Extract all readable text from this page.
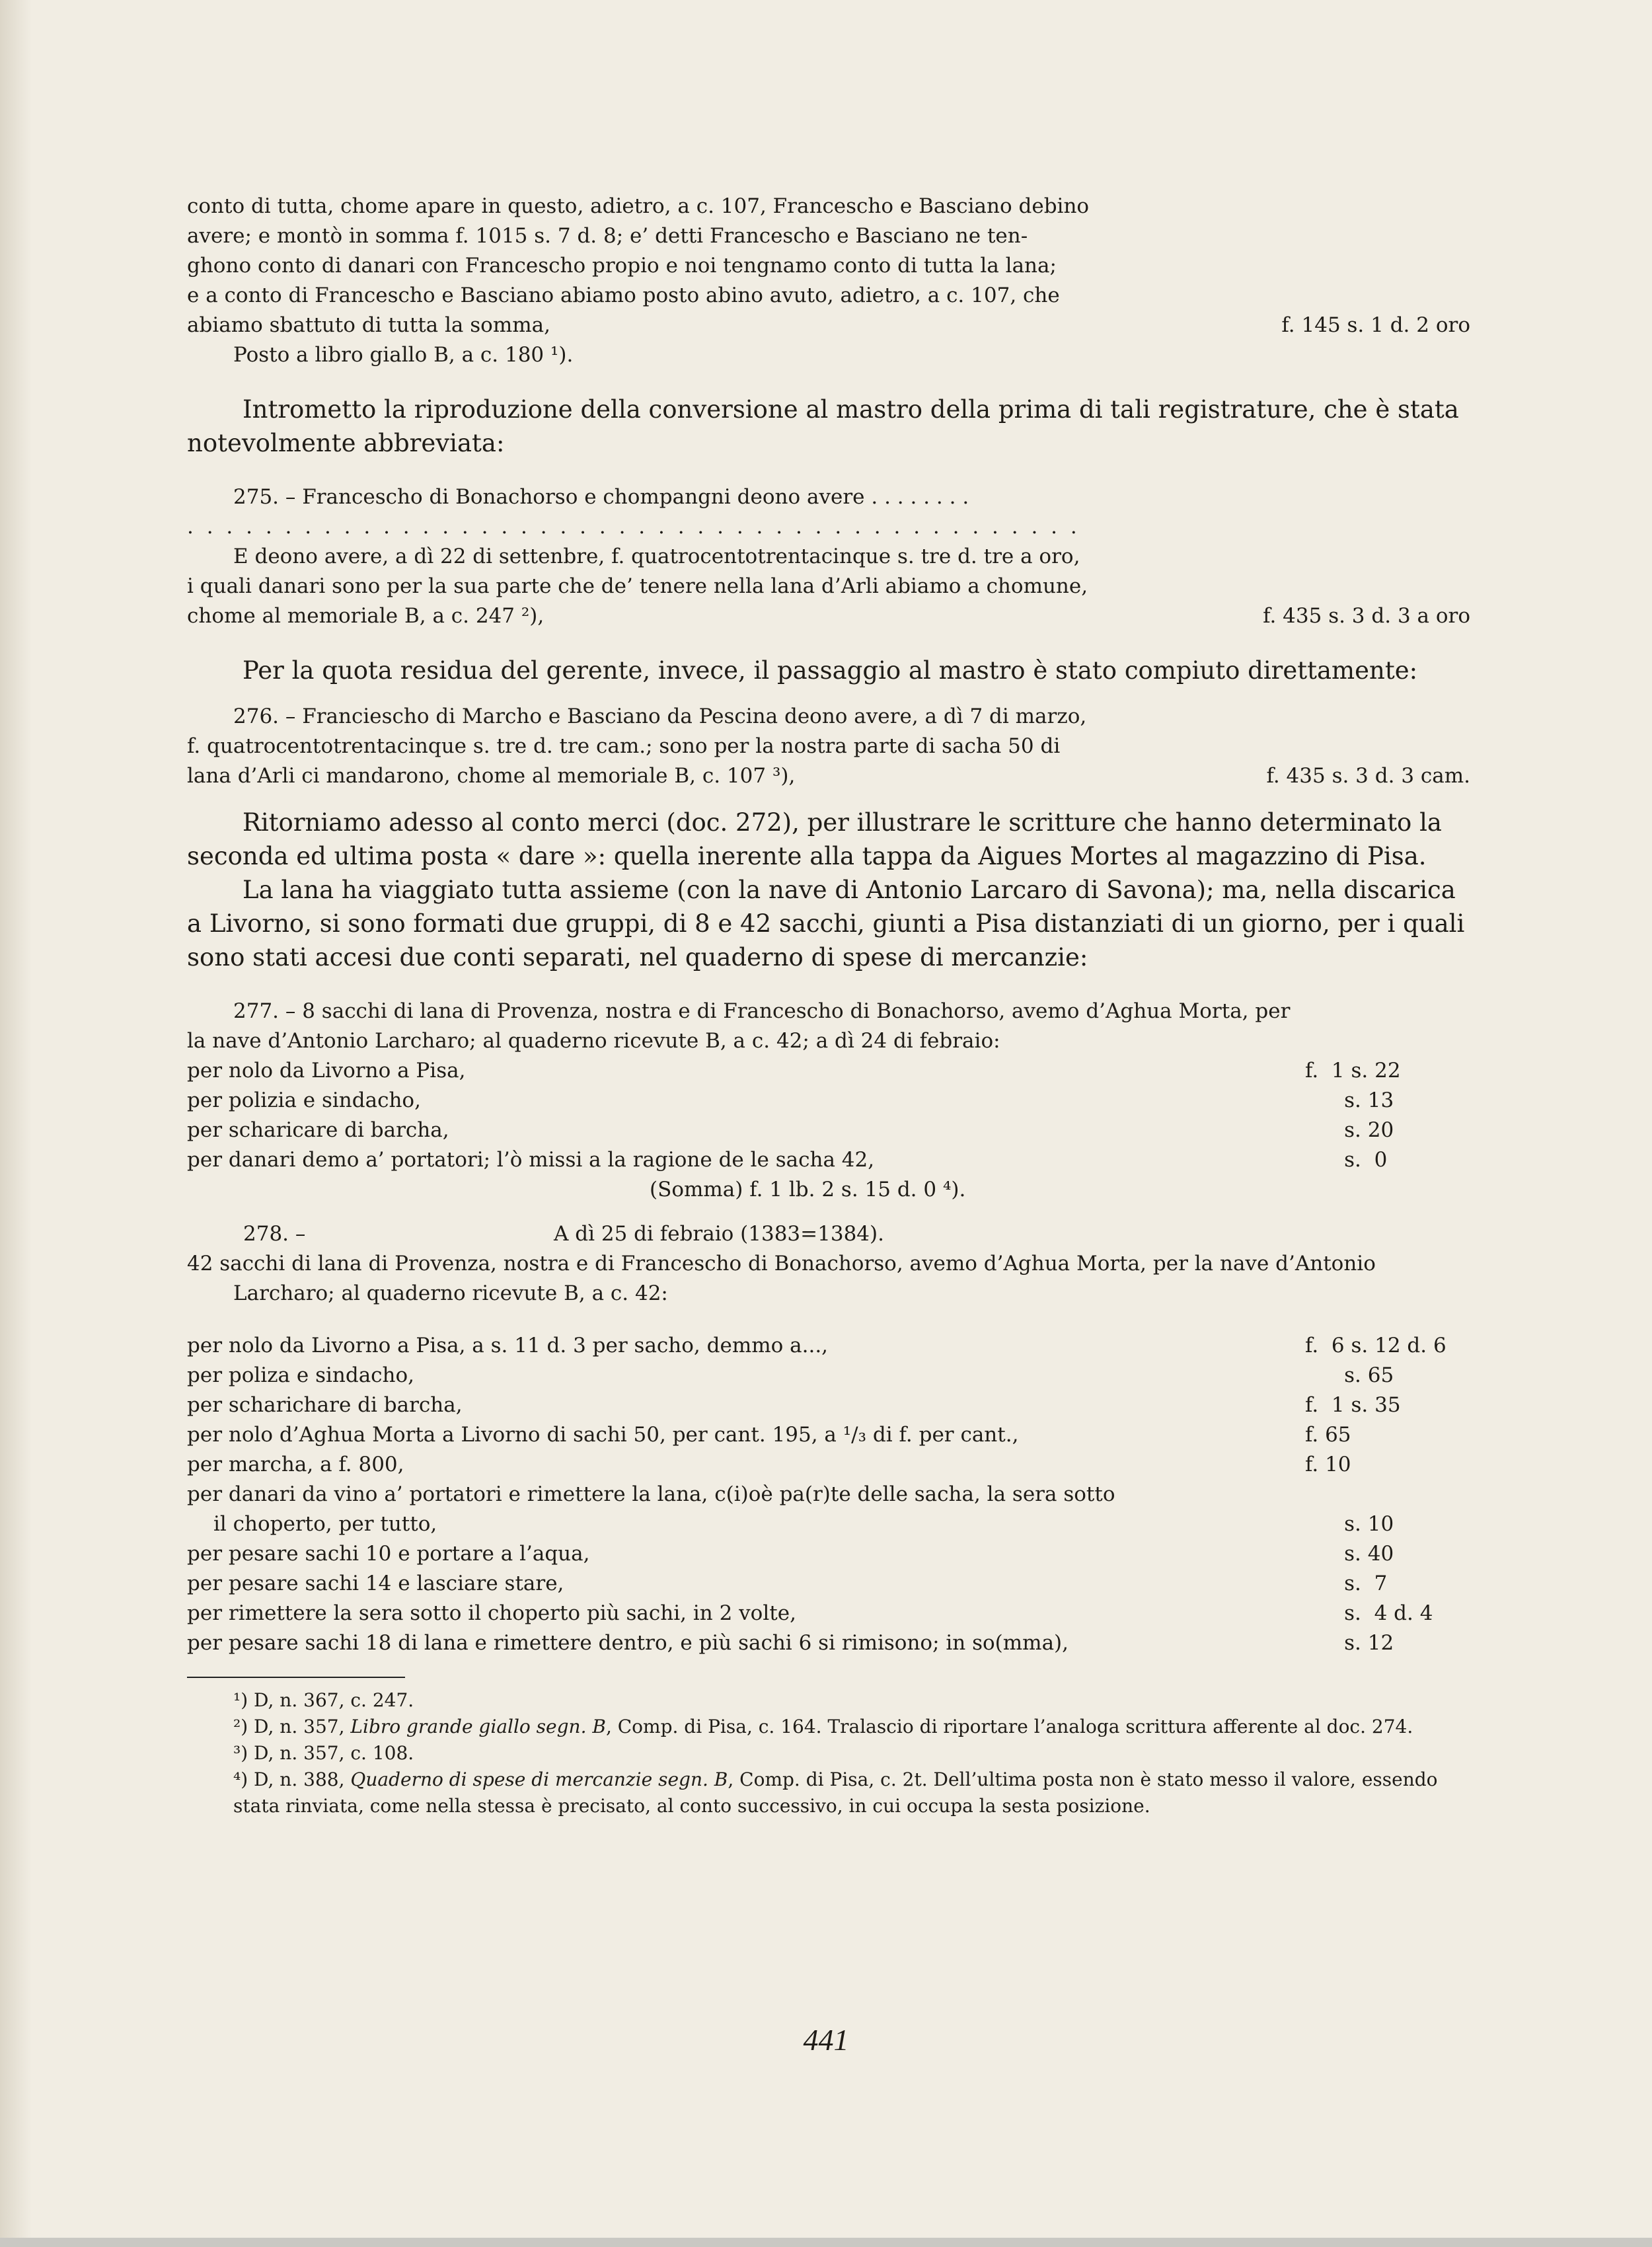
conto di tutta, chome apare in questo, adietro, a c. 107, Francescho e Basciano debino

avere; e montò in somma f. 1015 s. 7 d. 8; e’ detti Francescho e Basciano ne ten-

ghono conto di danari con Francescho propio e noi tengnamo conto di tutta la lana;

e a conto di Francescho e Basciano abiamo posto abino avuto, adietro, a c. 107, che

abiamo sbattuto di tutta la somma,	f. 145 s. 1 d. 2 oro

Posto a libro giallo B, a c. 180 ¹).

Intrometto la riproduzione della conversione al mastro della prima di tali registrature, che è stata notevolmente abbreviata:

275. – Francescho di Bonachorso e chompangni deono avere . . . . . . . .

. . . . . . . . . . . . . . . . . . . . . . . . . . . . . . . . . . . . . . . . . . . . . .

E deono avere, a dì 22 di settenbre, f. quatrocentotrentacinque s. tre d. tre a oro,

i quali danari sono per la sua parte che de’ tenere nella lana d’Arli abiamo a chomune,

chome al memoriale B, a c. 247 ²),	f. 435 s. 3 d. 3 a oro

Per la quota residua del gerente, invece, il passaggio al mastro è stato compiuto direttamente:

276. – Franciescho di Marcho e Basciano da Pescina deono avere, a dì 7 di marzo,

f. quatrocentotrentacinque s. tre d. tre cam.; sono per la nostra parte di sacha 50 di

lana d’Arli ci mandarono, chome al memoriale B, c. 107 ³),	f. 435 s. 3 d. 3 cam.

Ritorniamo adesso al conto merci (doc. 272), per illustrare le scritture che hanno determinato la seconda ed ultima posta « dare »: quella inerente alla tappa da Aigues Mortes al magazzino di Pisa.

La lana ha viaggiato tutta assieme (con la nave di Antonio Larcaro di Savona); ma, nella discarica a Livorno, si sono formati due gruppi, di 8 e 42 sacchi, giunti a Pisa distanziati di un giorno, per i quali sono stati accesi due conti separati, nel quaderno di spese di mercanzie:

277. – 8 sacchi di lana di Provenza, nostra e di Francescho di Bonachorso, avemo d’Aghua Morta, per

la nave d’Antonio Larcharo; al quaderno ricevute B, a c. 42; a dì 24 di febraio:

per nolo da Livorno a Pisa,	f.  1 s. 22
per polizia e sindacho,	s. 13
per scharicare di barcha,	s. 20
per danari demo a’ portatori; l’ò missi a la ragione de le sacha 42,	s.  0

(Somma) f. 1 lb. 2 s. 15 d. 0 ⁴).

278. –	A dì 25 di febraio (1383=1384).

42 sacchi di lana di Provenza, nostra e di Francescho di Bonachorso, avemo d’Aghua Morta, per la nave d’Antonio Larcharo; al quaderno ricevute B, a c. 42:

per nolo da Livorno a Pisa, a s. 11 d. 3 per sacho, demmo a...,	f.  6 s. 12 d. 6
per poliza e sindacho,	s. 65
per scharichare di barcha,	f.  1 s. 35
per nolo d’Aghua Morta a Livorno di sachi 50, per cant. 195, a ¹/₃ di f. per cant.,	f. 65
per marcha, a f. 800,	f. 10
per danari da vino a’ portatori e rimettere la lana, c(i)oè pa(r)te delle sacha, la sera sotto
il choperto, per tutto,	s. 10
per pesare sachi 10 e portare a l’aqua,	s. 40
per pesare sachi 14 e lasciare stare,	s.  7
per rimettere la sera sotto il choperto più sachi, in 2 volte,	s.  4 d. 4
per pesare sachi 18 di lana e rimettere dentro, e più sachi 6 si rimisono; in so(mma),	s. 12

¹) D, n. 367, c. 247.

²) D, n. 357, Libro grande giallo segn. B, Comp. di Pisa, c. 164. Tralascio di riportare l’analoga scrittura afferente al doc. 274.

³) D, n. 357, c. 108.

⁴) D, n. 388, Quaderno di spese di mercanzie segn. B, Comp. di Pisa, c. 2t. Dell’ultima posta non è stato messo il valore, essendo stata rinviata, come nella stessa è precisato, al conto successivo, in cui occupa la sesta posizione.

441
